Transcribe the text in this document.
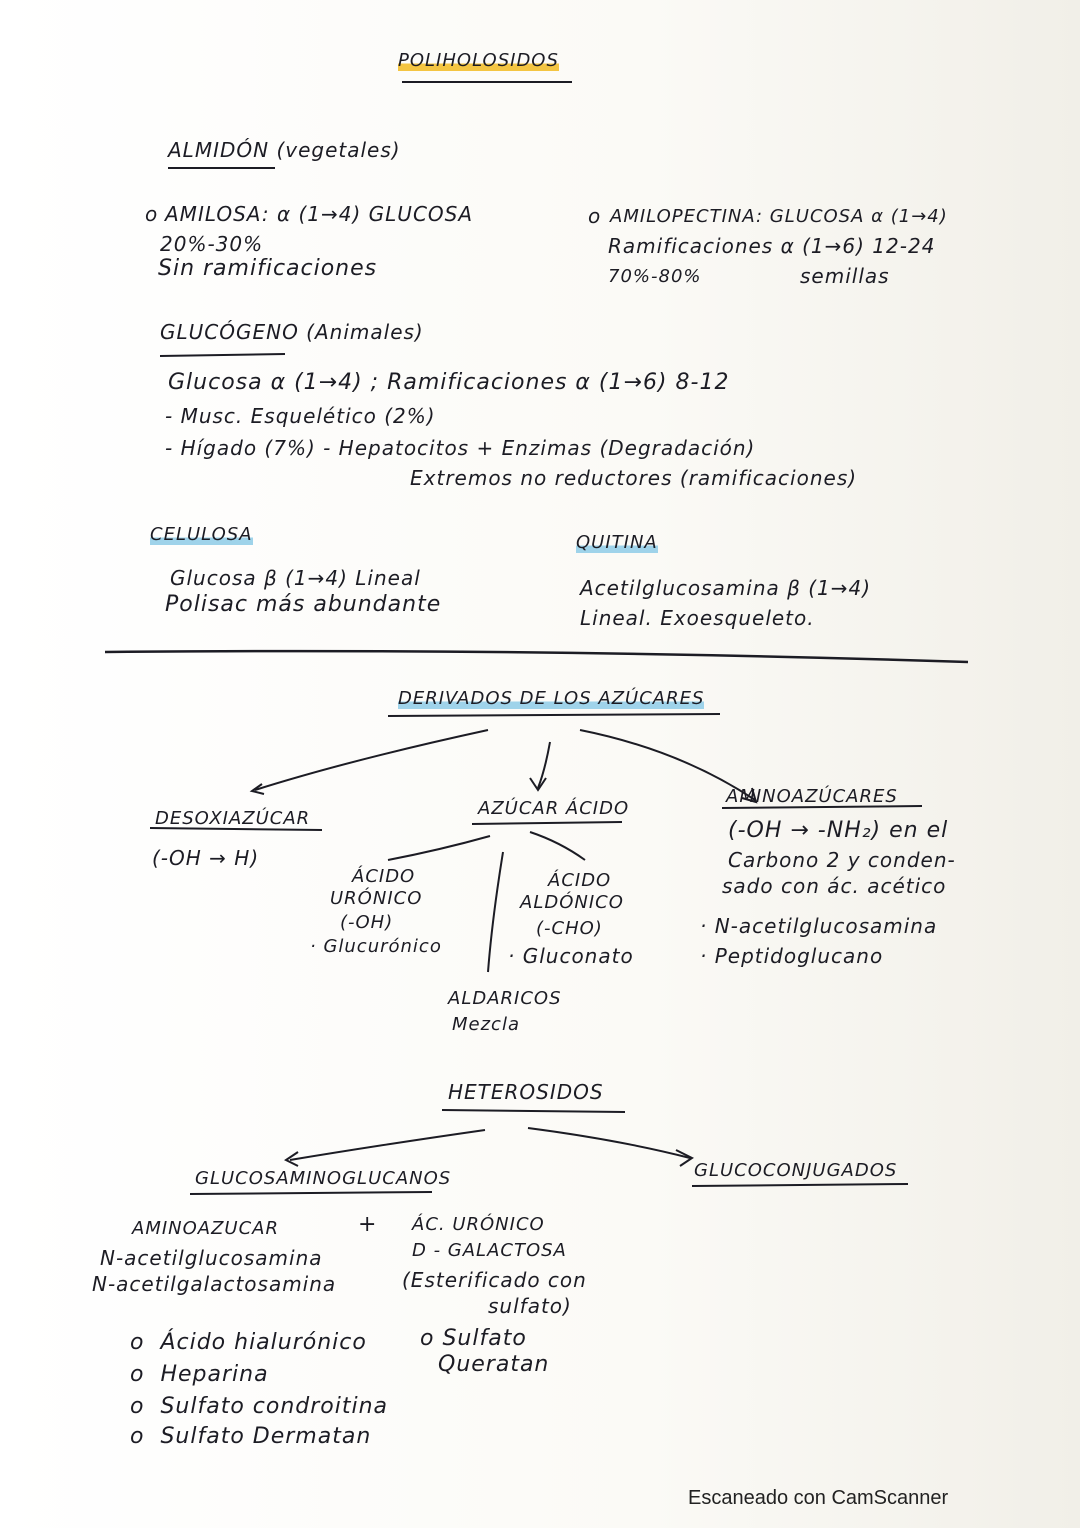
POLIHOLOSIDOS
ALMIDÓN (vegetales)
o AMILOSA: α (1→4) GLUCOSA
20%-30%
Sin ramificaciones
o AMILOPECTINA: GLUCOSA α (1→4)
Ramificaciones α (1→6) 12-24
70%-80%	semillas
GLUCÓGENO (Animales)
Glucosa α (1→4) ; Ramificaciones α (1→6) 8-12
- Musc. Esquelético (2%)
- Hígado (7%) - Hepatocitos + Enzimas (Degradación)
Extremos no reductores (ramificaciones)
CELULOSA
Glucosa β (1→4) Lineal
Polisac más abundante
QUITINA
Acetilglucosamina β (1→4)
Lineal. Exoesqueleto.
DERIVADOS DE LOS AZÚCARES
DESOXIAZÚCAR
(-OH → H)
AZÚCAR ÁCIDO
ÁCIDO
URÓNICO
(-OH)
· Glucurónico
ÁCIDO
ALDÓNICO
(-CHO)
· Gluconato
ALDARICOS
Mezcla
AMINOAZÚCARES
(-OH → -NH₂) en el
Carbono 2 y conden-
sado con ác. acético
· N-acetilglucosamina
· Peptidoglucano
HETEROSIDOS
GLUCOSAMINOGLUCANOS	GLUCOCONJUGADOS
AMINOAZUCAR	+ ÁC. URÓNICO
D - GALACTOSA
N-acetilglucosamina
N-acetilgalactosamina	(Esterificado con
sulfato)
o  Ácido hialurónico
o  Heparina
o  Sulfato condroitina
o  Sulfato Dermatan
o Sulfato
Queratan
Escaneado con CamScanner
